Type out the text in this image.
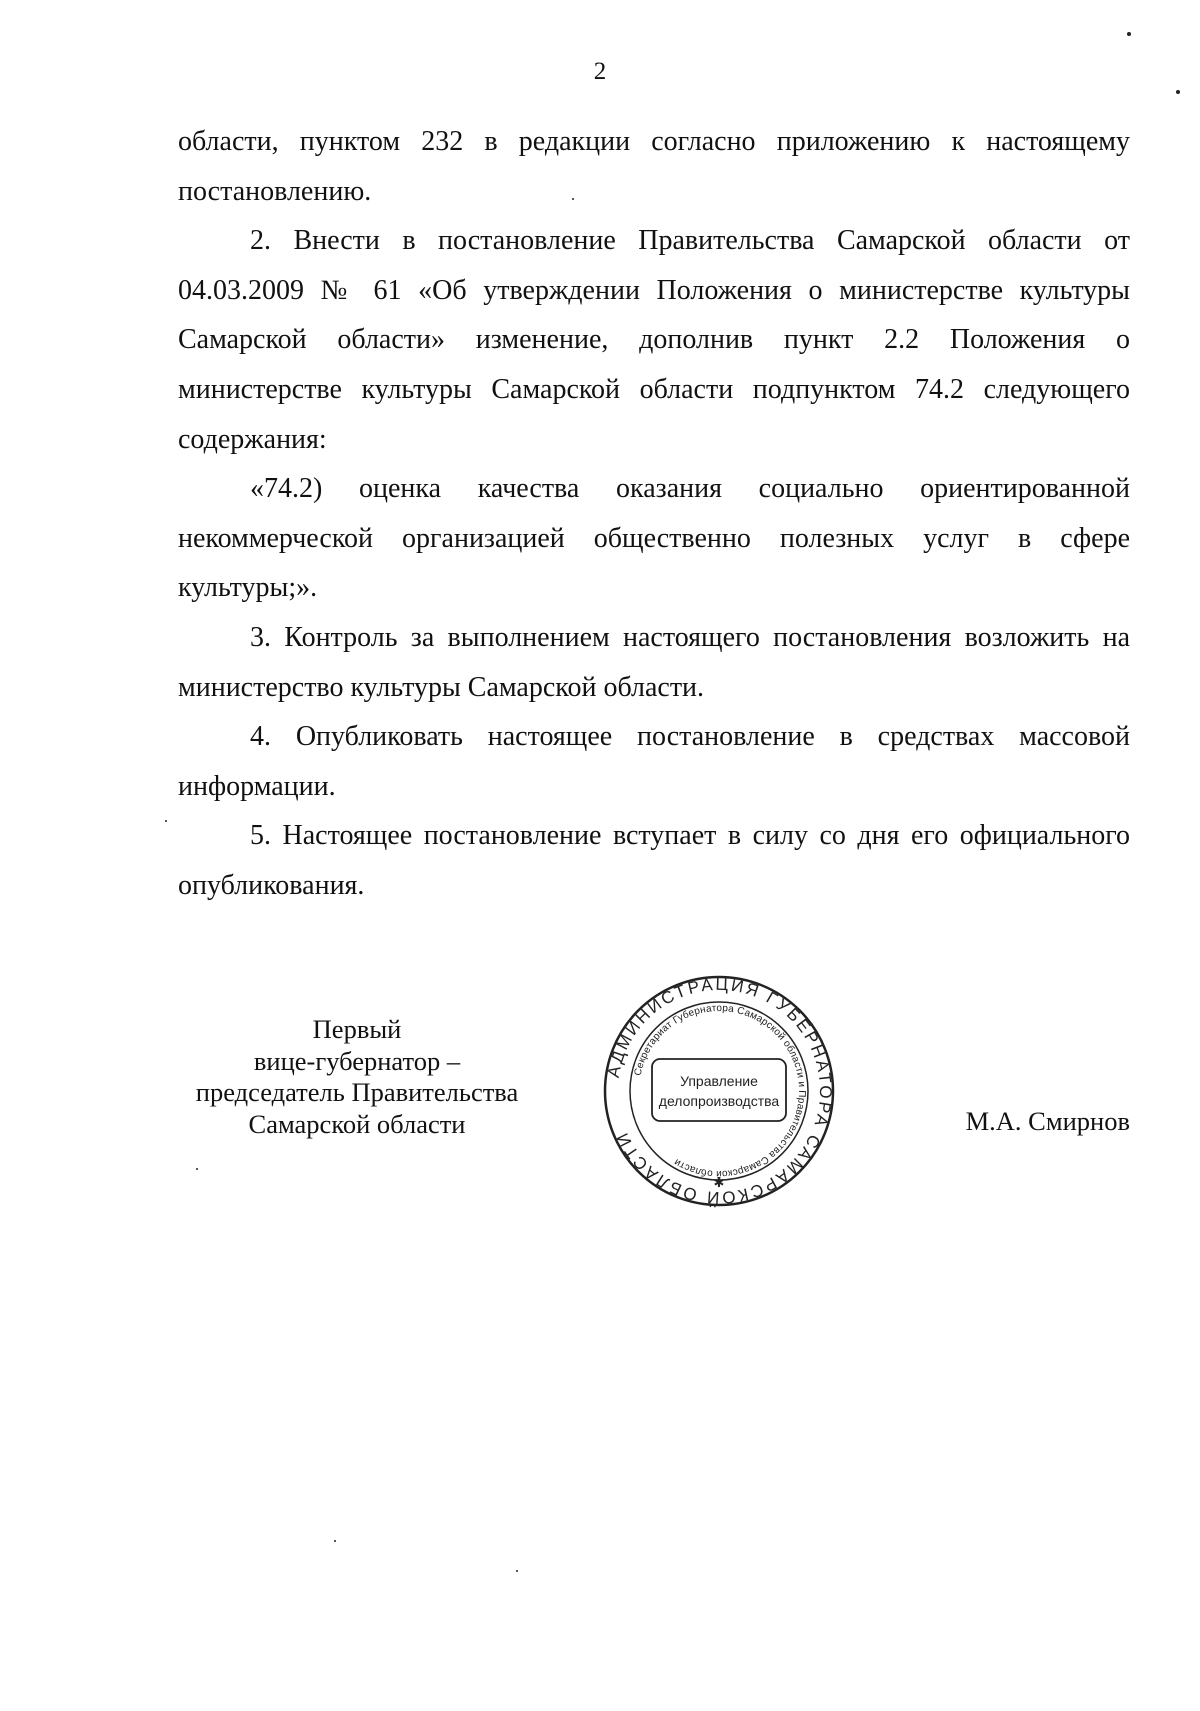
2

области, пунктом 232 в редакции согласно приложению к настоящему постановлению.

2. Внести в постановление Правительства Самарской области от 04.03.2009 № 61 «Об утверждении Положения о министерстве культуры Самарской области» изменение, дополнив пункт 2.2 Положения о министерстве культуры Самарской области подпунктом 74.2 следующего содержания:

«74.2) оценка качества оказания социально ориентированной некоммерческой организацией общественно полезных услуг в сфере культуры;».

3. Контроль за выполнением настоящего постановления возложить на министерство культуры Самарской области.

4. Опубликовать настоящее постановление в средствах массовой информации.

5. Настоящее постановление вступает в силу со дня его официального опубликования.

Первый
вице-губернатор –
председатель Правительства
Самарской области
АДМИНИСТРАЦИЯ ГУБЕРНАТОРА САМАРСКОЙ ОБЛАСТИ
Секретариат Губернатора Самарской области и Правительства Самарской области
Управление
делопроизводства
✱
М.А. Смирнов
